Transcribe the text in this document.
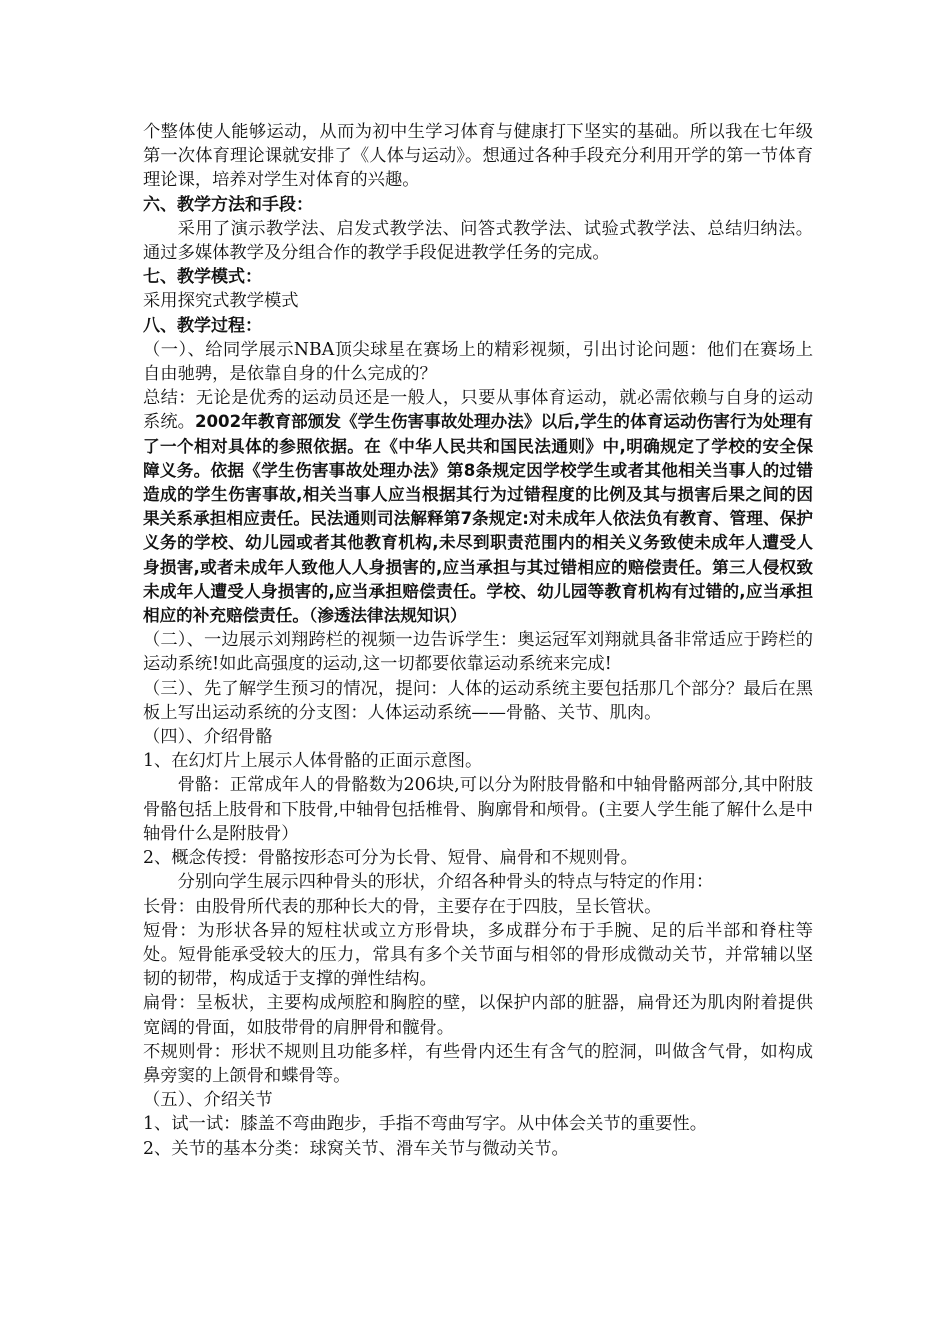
个整体使人能够运动，从而为初中生学习体育与健康打下坚实的基础。所以我在七年级第一次体育理论课就安排了《人体与运动》。想通过各种手段充分利用开学的第一节体育理论课，培养对学生对体育的兴趣。

六、教学方法和手段：

采用了演示教学法、启发式教学法、问答式教学法、试验式教学法、总结归纳法。通过多媒体教学及分组合作的教学手段促进教学任务的完成。

七、教学模式：

采用探究式教学模式

八、教学过程：

（一）、给同学展示NBA顶尖球星在赛场上的精彩视频，引出讨论问题：他们在赛场上自由驰骋，是依靠自身的什么完成的？

总结：无论是优秀的运动员还是一般人，只要从事体育运动，就必需依赖与自身的运动系统。2002年教育部颁发《学生伤害事故处理办法》以后,学生的体育运动伤害行为处理有了一个相对具体的参照依据。在《中华人民共和国民法通则》中,明确规定了学校的安全保障义务。依据《学生伤害事故处理办法》第8条规定因学校学生或者其他相关当事人的过错造成的学生伤害事故,相关当事人应当根据其行为过错程度的比例及其与损害后果之间的因果关系承担相应责任。民法通则司法解释第7条规定:对未成年人依法负有教育、管理、保护义务的学校、幼儿园或者其他教育机构,未尽到职责范围内的相关义务致使未成年人遭受人身损害,或者未成年人致他人人身损害的,应当承担与其过错相应的赔偿责任。第三人侵权致未成年人遭受人身损害的,应当承担赔偿责任。学校、幼儿园等教育机构有过错的,应当承担相应的补充赔偿责任。（渗透法律法规知识）

（二）、一边展示刘翔跨栏的视频一边告诉学生：奥运冠军刘翔就具备非常适应于跨栏的运动系统!如此高强度的运动,这一切都要依靠运动系统来完成!

（三）、先了解学生预习的情况，提问：人体的运动系统主要包括那几个部分？最后在黑板上写出运动系统的分支图：人体运动系统——骨骼、关节、肌肉。

（四）、介绍骨骼

1、在幻灯片上展示人体骨骼的正面示意图。

骨骼：正常成年人的骨骼数为206块,可以分为附肢骨骼和中轴骨骼两部分,其中附肢骨骼包括上肢骨和下肢骨,中轴骨包括椎骨、胸廓骨和颅骨。(主要人学生能了解什么是中轴骨什么是附肢骨）

2、概念传授：骨骼按形态可分为长骨、短骨、扁骨和不规则骨。

分别向学生展示四种骨头的形状，介绍各种骨头的特点与特定的作用：

长骨：由股骨所代表的那种长大的骨，主要存在于四肢，呈长管状。

短骨：为形状各异的短柱状或立方形骨块，多成群分布于手腕、足的后半部和脊柱等处。短骨能承受较大的压力，常具有多个关节面与相邻的骨形成微动关节，并常辅以坚韧的韧带，构成适于支撑的弹性结构。

扁骨：呈板状，主要构成颅腔和胸腔的壁，以保护内部的脏器，扁骨还为肌肉附着提供宽阔的骨面，如肢带骨的肩胛骨和髋骨。

不规则骨：形状不规则且功能多样，有些骨内还生有含气的腔洞，叫做含气骨，如构成鼻旁窦的上颌骨和蝶骨等。

（五）、介绍关节

1、试一试：膝盖不弯曲跑步，手指不弯曲写字。从中体会关节的重要性。

2、关节的基本分类：球窝关节、滑车关节与微动关节。
